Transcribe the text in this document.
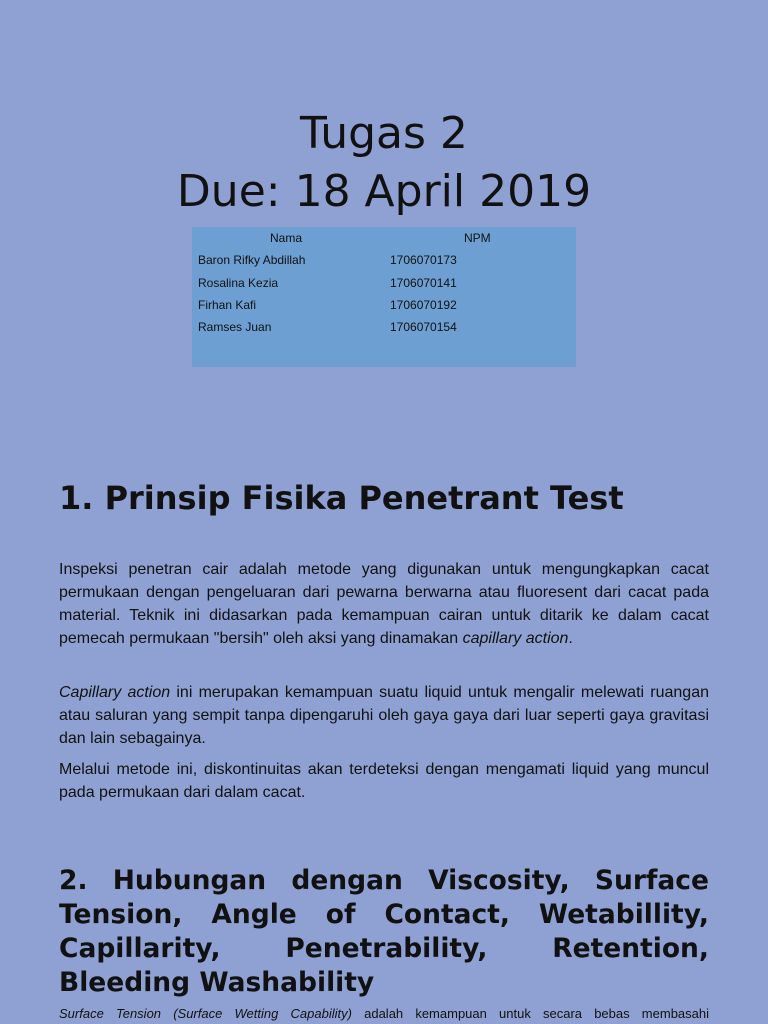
Tugas 2
Due: 18 April 2019
Nama	NPM
Baron Rifky Abdillah	1706070173
Rosalina Kezia	1706070141
Firhan Kafi	1706070192
Ramses Juan	1706070154
1. Prinsip Fisika Penetrant Test

Inspeksi penetran cair adalah metode yang digunakan untuk mengungkapkan cacat permukaan dengan pengeluaran dari pewarna berwarna atau fluoresent dari cacat pada material. Teknik ini didasarkan pada kemampuan cairan untuk ditarik ke dalam cacat pemecah permukaan "bersih" oleh aksi yang dinamakan capillary action.

Capillary action ini merupakan kemampuan suatu liquid untuk mengalir melewati ruangan atau saluran yang sempit tanpa dipengaruhi oleh gaya gaya dari luar seperti gaya gravitasi dan lain sebagainya.

Melalui metode ini, diskontinuitas akan terdeteksi dengan mengamati liquid yang muncul pada permukaan dari dalam cacat.

2. Hubungan dengan Viscosity, Surface Tension, Angle of Contact, Wetabillity, Capillarity, Penetrability, Retention, Bleeding Washability

Surface Tension (Surface Wetting Capability) adalah kemampuan untuk secara bebas membasahi
